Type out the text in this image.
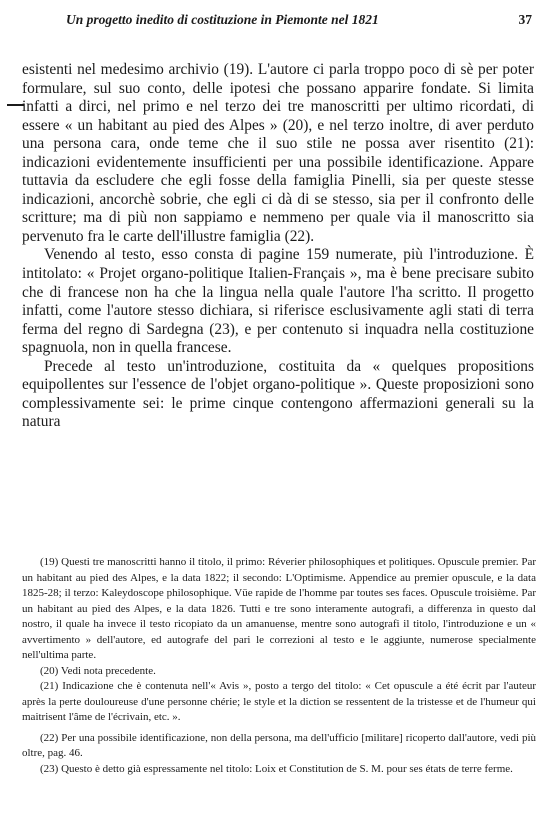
Un progetto inedito di costituzione in Piemonte nel 1821	37

esistenti nel medesimo archivio (19). L'autore ci parla troppo poco di sè per poter formulare, sul suo conto, delle ipotesi che possano apparire fondate. Si limita infatti a dirci, nel primo e nel terzo dei tre manoscritti per ultimo ricordati, di essere « un habitant au pied des Alpes » (20), e nel terzo inoltre, di aver perduto una persona cara, onde teme che il suo stile ne possa aver risentito (21): indicazioni evidentemente insufficienti per una possibile identificazione. Appare tuttavia da escludere che egli fosse della famiglia Pinelli, sia per queste stesse indicazioni, ancorchè sobrie, che egli ci dà di se stesso, sia per il confronto delle scritture; ma di più non sappiamo e nemmeno per quale via il manoscritto sia pervenuto fra le carte dell'illustre famiglia (22).

Venendo al testo, esso consta di pagine 159 numerate, più l'introduzione. È intitolato: « Projet organo-politique Italien-Français », ma è bene precisare subito che di francese non ha che la lingua nella quale l'autore l'ha scritto. Il progetto infatti, come l'autore stesso dichiara, si riferisce esclusivamente agli stati di terra ferma del regno di Sardegna (23), e per contenuto si inquadra nella costituzione spagnuola, non in quella francese.

Precede al testo un'introduzione, costituita da « quelques propositions equipollentes sur l'essence de l'objet organo-politique ». Queste proposizioni sono complessivamente sei: le prime cinque contengono affermazioni generali su la natura

(19) Questi tre manoscritti hanno il titolo, il primo: Réverier philosophiques et politiques. Opuscule premier. Par un habitant au pied des Alpes, e la data 1822; il secondo: L'Optimisme. Appendice au premier opuscule, e la data 1825-28; il terzo: Kaleydoscope philosophique. Vüe rapide de l'homme par toutes ses faces. Opuscule troisième. Par un habitant au pied des Alpes, e la data 1826. Tutti e tre sono interamente autografi, a differenza in questo dal nostro, il quale ha invece il testo ricopiato da un amanuense, mentre sono autografi il titolo, l'introduzione e un « avvertimento » dell'autore, ed autografe del pari le correzioni al testo e le aggiunte, numerose specialmente nell'ultima parte.

(20) Vedi nota precedente.

(21) Indicazione che è contenuta nell'« Avis », posto a tergo del titolo: « Cet opuscule a été écrit par l'auteur après la perte douloureuse d'une personne chérie; le style et la diction se ressentent de la tristesse et de l'humeur qui maitrisent l'âme de l'écrivain, etc. ».

(22) Per una possibile identificazione, non della persona, ma dell'ufficio [militare] ricoperto dall'autore, vedi più oltre, pag. 46.

(23) Questo è detto già espressamente nel titolo: Loix et Constitution de S. M. pour ses états de terre ferme.
